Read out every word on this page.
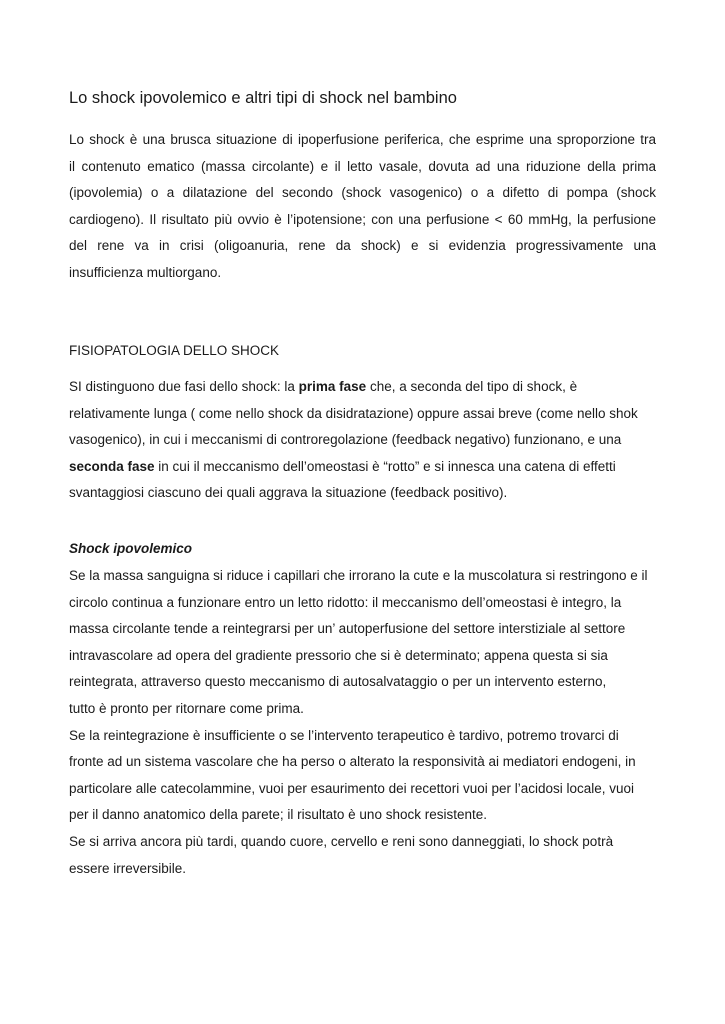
Lo shock ipovolemico e altri tipi di shock nel bambino
Lo shock è una brusca situazione di ipoperfusione periferica, che esprime una sproporzione tra
il contenuto ematico (massa circolante) e il letto vasale, dovuta ad una riduzione della prima
(ipovolemia) o a dilatazione del secondo (shock vasogenico) o a difetto di pompa (shock
cardiogeno). Il risultato più ovvio è l’ipotensione; con una perfusione < 60 mmHg, la perfusione
del rene va in crisi (oligoanuria, rene da shock) e si evidenzia progressivamente una
insufficienza multiorgano.
FISIOPATOLOGIA DELLO SHOCK
SI distinguono due fasi dello shock: la prima fase che, a seconda del tipo di shock, è
relativamente lunga ( come nello shock da disidratazione) oppure assai breve (come nello shok
vasogenico), in cui i meccanismi di controregolazione (feedback negativo) funzionano, e una
seconda fase in cui il meccanismo dell’omeostasi è “rotto” e si innesca una catena di effetti
svantaggiosi ciascuno dei quali aggrava la situazione (feedback positivo).
Shock ipovolemico
Se la massa sanguigna si riduce i capillari che irrorano la cute e la muscolatura si restringono e il
circolo continua a funzionare entro un letto ridotto: il meccanismo dell’omeostasi è integro, la
massa circolante tende a reintegrarsi per un’ autoperfusione del settore interstiziale al settore
intravascolare ad opera del gradiente pressorio che si è determinato; appena questa si sia
reintegrata, attraverso questo meccanismo di autosalvataggio o per un intervento esterno,
tutto è pronto per ritornare come prima.
Se la reintegrazione è insufficiente o se l’intervento terapeutico è tardivo, potremo trovarci di
fronte ad un sistema vascolare che ha perso o alterato la responsività ai mediatori endogeni, in
particolare alle catecolammine, vuoi per esaurimento dei recettori vuoi per l’acidosi locale, vuoi
per il danno anatomico della parete; il risultato è uno shock resistente.
Se si arriva ancora più tardi, quando cuore, cervello e reni sono danneggiati, lo shock potrà
essere irreversibile.
